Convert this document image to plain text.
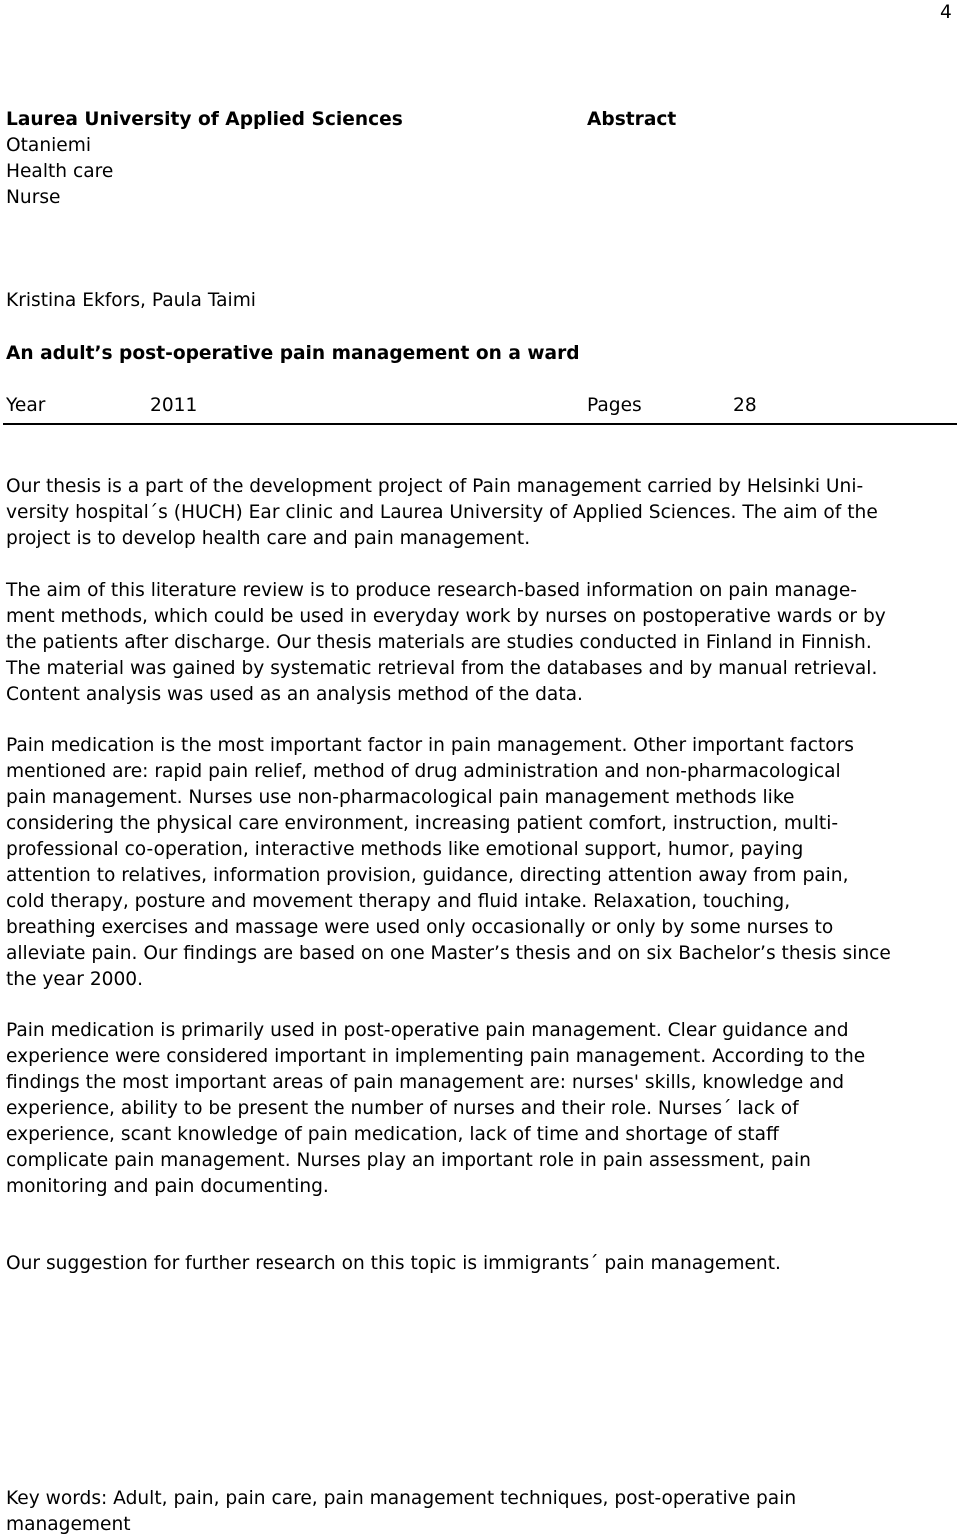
4
Laurea University of Applied Sciences	Abstract
Otaniemi
Health care
Nurse
Kristina Ekfors, Paula Taimi
An adult’s post-operative pain management on a ward
Year	2011	Pages	28
Our thesis is a part of the development project of Pain management carried by Helsinki Uni-
versity hospital´s (HUCH) Ear clinic and Laurea University of Applied Sciences. The aim of the
project is to develop health care and pain management.
The aim of this literature review is to produce research-based information on pain manage-
ment methods, which could be used in everyday work by nurses on postoperative wards or by
the patients after discharge. Our thesis materials are studies conducted in Finland in Finnish.
The material was gained by systematic retrieval from the databases and by manual retrieval.
Content analysis was used as an analysis method of the data.
Pain medication is the most important factor in pain management. Other important factors
mentioned are: rapid pain relief, method of drug administration and non-pharmacological
pain management. Nurses use non-pharmacological pain management methods like
considering the physical care environment, increasing patient comfort, instruction, multi-
professional co-operation, interactive methods like emotional support, humor, paying
attention to relatives, information provision, guidance, directing attention away from pain,
cold therapy, posture and movement therapy and fluid intake. Relaxation, touching,
breathing exercises and massage were used only occasionally or only by some nurses to
alleviate pain. Our findings are based on one Master’s thesis and on six Bachelor’s thesis since
the year 2000.
Pain medication is primarily used in post-operative pain management. Clear guidance and
experience were considered important in implementing pain management. According to the
findings the most important areas of pain management are: nurses' skills, knowledge and
experience, ability to be present the number of nurses and their role. Nurses´ lack of
experience, scant knowledge of pain medication, lack of time and shortage of staff
complicate pain management. Nurses play an important role in pain assessment, pain
monitoring and pain documenting.
Our suggestion for further research on this topic is immigrants´ pain management.
Key words: Adult, pain, pain care, pain management techniques, post-operative pain
management
